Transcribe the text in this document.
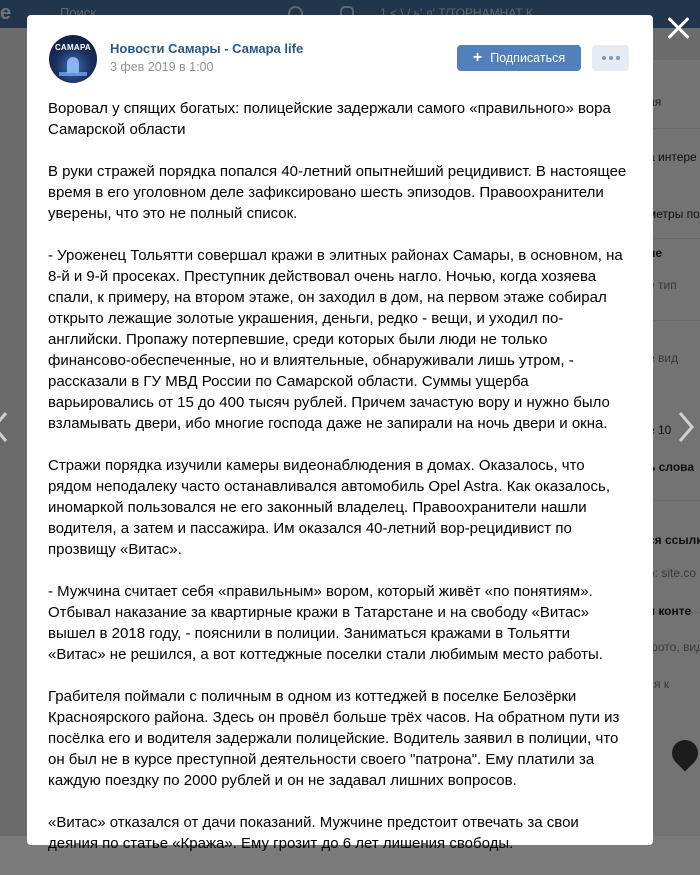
САМАРА	Новости Самары - Самара life
3 фев 2019 в 1:00
+ Подписаться

Воровал у спящих богатых: полицейские задержали самого «правильного» вора Самарской области

В руки стражей порядка попался 40-летний опытнейший рецидивист. В настоящее время в его уголовном деле зафиксировано шесть эпизодов. Правоохранители уверены, что это не полный список.

- Уроженец Тольятти совершал кражи в элитных районах Самары, в основном, на 8-й и 9-й просеках. Преступник действовал очень нагло. Ночью, когда хозяева спали, к примеру, на втором этаже, он заходил в дом, на первом этаже собирал открыто лежащие золотые украшения, деньги, редко - вещи, и уходил по-английски. Пропажу потерпевшие, среди которых были люди не только финансово-обеспеченные, но и влиятельные, обнаруживали лишь утром, - рассказали в ГУ МВД России по Самарской области. Суммы ущерба варьировались от 15 до 400 тысяч рублей. Причем зачастую вору и нужно было взламывать двери, ибо многие господа даже не запирали на ночь двери и окна.

Стражи порядка изучили камеры видеонаблюдения в домах. Оказалось, что рядом неподалеку часто останавливался автомобиль Opel Astra. Как оказалось, иномаркой пользовался не его законный владелец. Правоохранители нашли водителя, а затем и пассажира. Им оказался 40-летний вор-рецидивист по прозвищу «Витас».

- Мужчина считает себя «правильным» вором, который живёт «по понятиям». Отбывал наказание за квартирные кражи в Татарстане и на свободу «Витас» вышел в 2018 году, - пояснили в полиции. Заниматься кражами в Тольятти «Витас» не решился, а вот коттеджные поселки стали любимым место работы.

Грабителя поймали с поличным в одном из коттеджей в поселке Белозёрки Красноярского района. Здесь он провёл больше трёх часов. На обратном пути из посёлка его и водителя задержали полицейские. Водитель заявил в полиции, что он был не в курсе преступной деятельности своего "патрона". Ему платили за каждую поездку по 2000 рублей и он не задавал лишних вопросов.

«Витас» отказался от дачи показаний. Мужчине предстоит отвечать за свои деяния по статье «Кража». Ему грозит до 6 лет лишения свободы.
